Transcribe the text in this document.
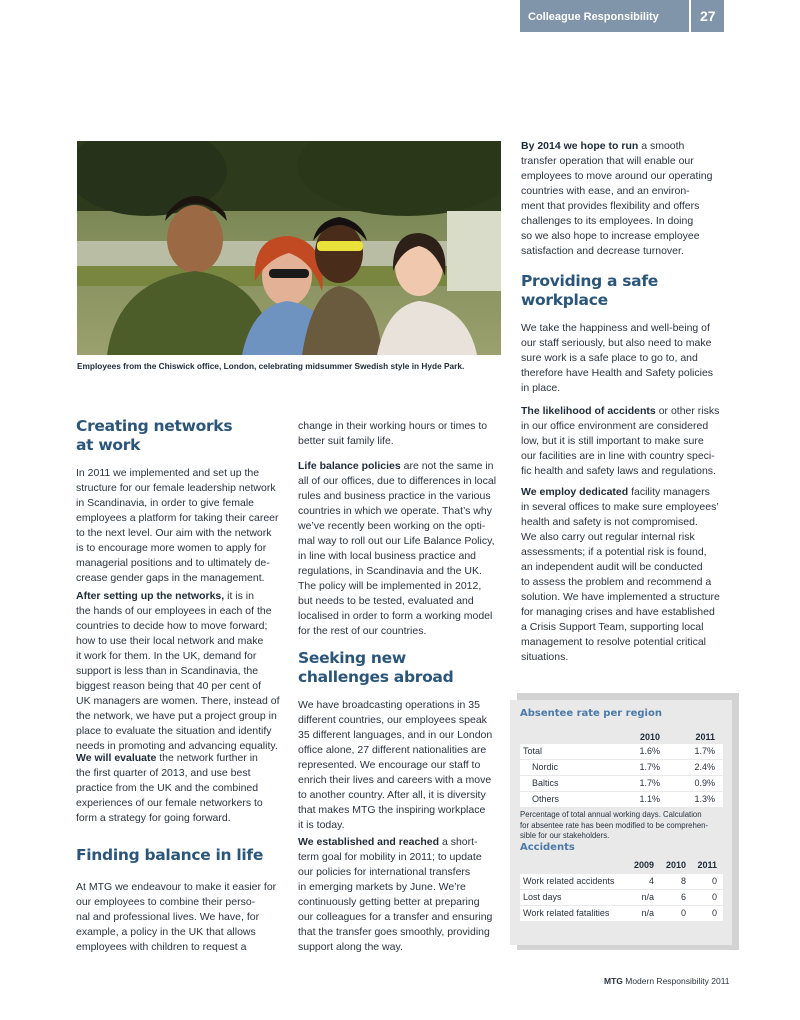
Colleague Responsibility	27
Employees from the Chiswick office, London, celebrating midsummer Swedish style in Hyde Park.
Creating networks
at work
In 2011 we implemented and set up the
structure for our female leadership network
in Scandinavia, in order to give female
employees a platform for taking their career
to the next level. Our aim with the network
is to encourage more women to apply for
managerial positions and to ultimately de-
crease gender gaps in the management.
After setting up the networks, it is in
the hands of our employees in each of the
countries to decide how to move forward;
how to use their local network and make
it work for them. In the UK, demand for
support is less than in Scandinavia, the
biggest reason being that 40 per cent of
UK managers are women. There, instead of
the network, we have put a project group in
place to evaluate the situation and identify
needs in promoting and advancing equality.
We will evaluate the network further in
the first quarter of 2013, and use best
practice from the UK and the combined
experiences of our female networkers to
form a strategy for going forward.
Finding balance in life
At MTG we endeavour to make it easier for
our employees to combine their perso-
nal and professional lives. We have, for
example, a policy in the UK that allows
employees with children to request a
change in their working hours or times to
better suit family life.
Life balance policies are not the same in
all of our offices, due to differences in local
rules and business practice in the various
countries in which we operate. That’s why
we’ve recently been working on the opti-
mal way to roll out our Life Balance Policy,
in line with local business practice and
regulations, in Scandinavia and the UK.
The policy will be implemented in 2012,
but needs to be tested, evaluated and
localised in order to form a working model
for the rest of our countries.
Seeking new
challenges abroad
We have broadcasting operations in 35
different countries, our employees speak
35 different languages, and in our London
office alone, 27 different nationalities are
represented. We encourage our staff to
enrich their lives and careers with a move
to another country. After all, it is diversity
that makes MTG the inspiring workplace
it is today.
We established and reached a short-
term goal for mobility in 2011; to update
our policies for international transfers
in emerging markets by June. We’re
continuously getting better at preparing
our colleagues for a transfer and ensuring
that the transfer goes smoothly, providing
support along the way.
By 2014 we hope to run a smooth
transfer operation that will enable our
employees to move around our operating
countries with ease, and an environ-
ment that provides flexibility and offers
challenges to its employees. In doing
so we also hope to increase employee
satisfaction and decrease turnover.
Providing a safe
workplace
We take the happiness and well-being of
our staff seriously, but also need to make
sure work is a safe place to go to, and
therefore have Health and Safety policies
in place.
The likelihood of accidents or other risks
in our office environment are considered
low, but it is still important to make sure
our facilities are in line with country speci-
fic health and safety laws and regulations.
We employ dedicated facility managers
in several offices to make sure employees’
health and safety is not compromised.
We also carry out regular internal risk
assessments; if a potential risk is found,
an independent audit will be conducted
to assess the problem and recommend a
solution. We have implemented a structure
for managing crises and have established
a Crisis Support Team, supporting local
management to resolve potential critical
situations.
Absentee rate per region
2010	2011
Total	1.6%	1.7%
Nordic	1.7%	2.4%
Baltics	1.7%	0.9%
Others	1.1%	1.3%
Percentage of total annual working days. Calculation
for absentee rate has been modified to be comprehen-
sible for our stakeholders.
Accidents
2009	2010	2011
Work related accidents	4	8	0
Lost days	n/a	6	0
Work related fatalities	n/a	0	0
MTG Modern Responsibility 2011
